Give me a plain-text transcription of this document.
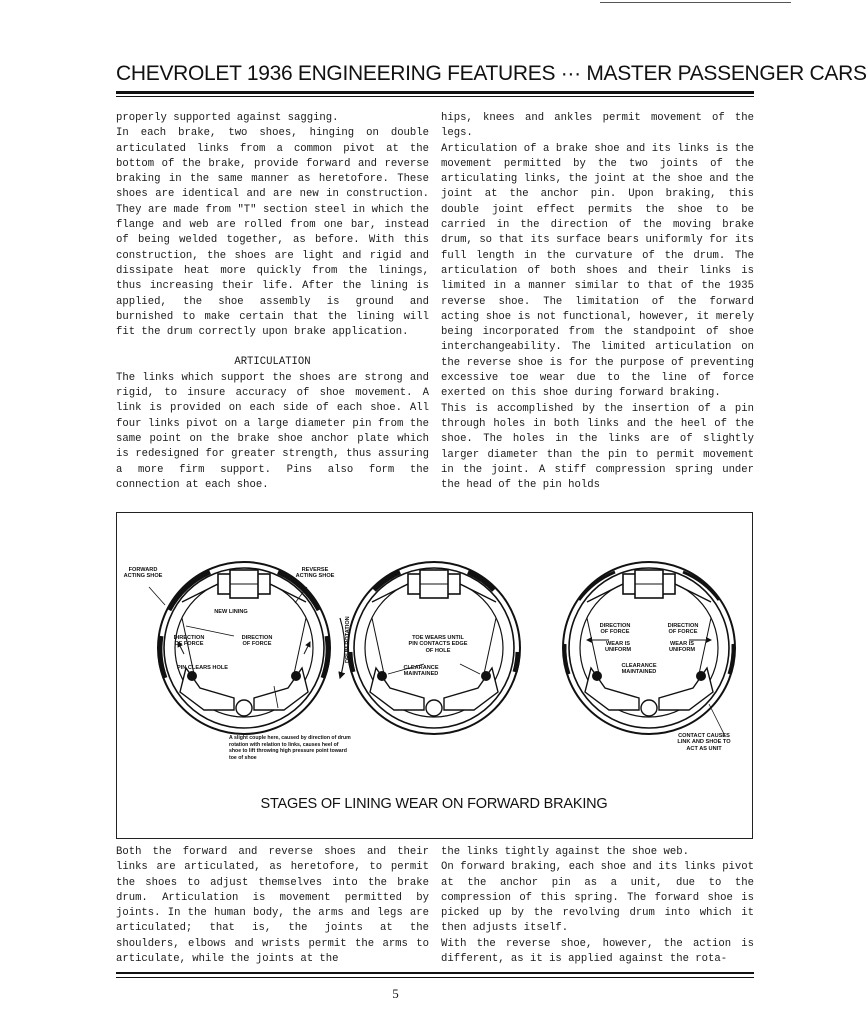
CHEVROLET 1936 ENGINEERING FEATURES ··· MASTER PASSENGER CARS

properly supported against sagging.

In each brake, two shoes, hinging on double articulated links from a common pivot at the bottom of the brake, provide forward and reverse braking in the same manner as heretofore. These shoes are identical and are new in construction. They are made from "T" section steel in which the flange and web are rolled from one bar, instead of being welded together, as before. With this construction, the shoes are light and rigid and dissipate heat more quickly from the linings, thus increasing their life. After the lining is applied, the shoe assembly is ground and burnished to make certain that the lining will fit the drum correctly upon brake application.

ARTICULATION

The links which support the shoes are strong and rigid, to insure accuracy of shoe movement. A link is provided on each side of each shoe. All four links pivot on a large diameter pin from the same point on the brake shoe anchor plate which is redesigned for greater strength, thus assuring a more firm support. Pins also form the connection at each shoe.

hips, knees and ankles permit movement of the legs.

Articulation of a brake shoe and its links is the movement permitted by the two joints of the articulating links, the joint at the shoe and the joint at the anchor pin. Upon braking, this double joint effect permits the shoe to be carried in the direction of the moving brake drum, so that its surface bears uniformly for its full length in the curvature of the drum. The articulation of both shoes and their links is limited in a manner similar to that of the 1935 reverse shoe. The limitation of the forward acting shoe is not functional, however, it merely being incorporated from the standpoint of shoe interchangeability. The limited articulation on the reverse shoe is for the purpose of preventing excessive toe wear due to the line of force exerted on this shoe during forward braking.

This is accomplished by the insertion of a pin through holes in both links and the heel of the shoe. The holes in the links are of slightly larger diameter than the pin to permit movement in the joint. A stiff compression spring under the head of the pin holds

FORWARD ACTING SHOE
REVERSE ACTING SHOE
NEW LINING
DIRECTION OF FORCE
DIRECTION OF FORCE
PIN CLEARS HOLE
DRUM ROTATION
A slight couple here, caused by direction of drum rotation with relation to links, causes heel of shoe to lift throwing high pressure point toward toe of shoe
TOE WEARS UNTIL PIN CONTACTS EDGE OF HOLE
CLEARANCE MAINTAINED
DIRECTION OF FORCE
DIRECTION OF FORCE
WEAR IS UNIFORM
WEAR IS UNIFORM
CLEARANCE MAINTAINED
CONTACT CAUSES LINK AND SHOE TO ACT AS UNIT
STAGES OF LINING WEAR ON FORWARD BRAKING

Both the forward and reverse shoes and their links are articulated, as heretofore, to permit the shoes to adjust themselves into the brake drum. Articulation is movement permitted by joints. In the human body, the arms and legs are articulated; that is, the joints at the shoulders, elbows and wrists permit the arms to articulate, while the joints at the

the links tightly against the shoe web.

On forward braking, each shoe and its links pivot at the anchor pin as a unit, due to the compression of this spring. The forward shoe is picked up by the revolving drum into which it then adjusts itself.

With the reverse shoe, however, the action is different, as it is applied against the rota-

5
